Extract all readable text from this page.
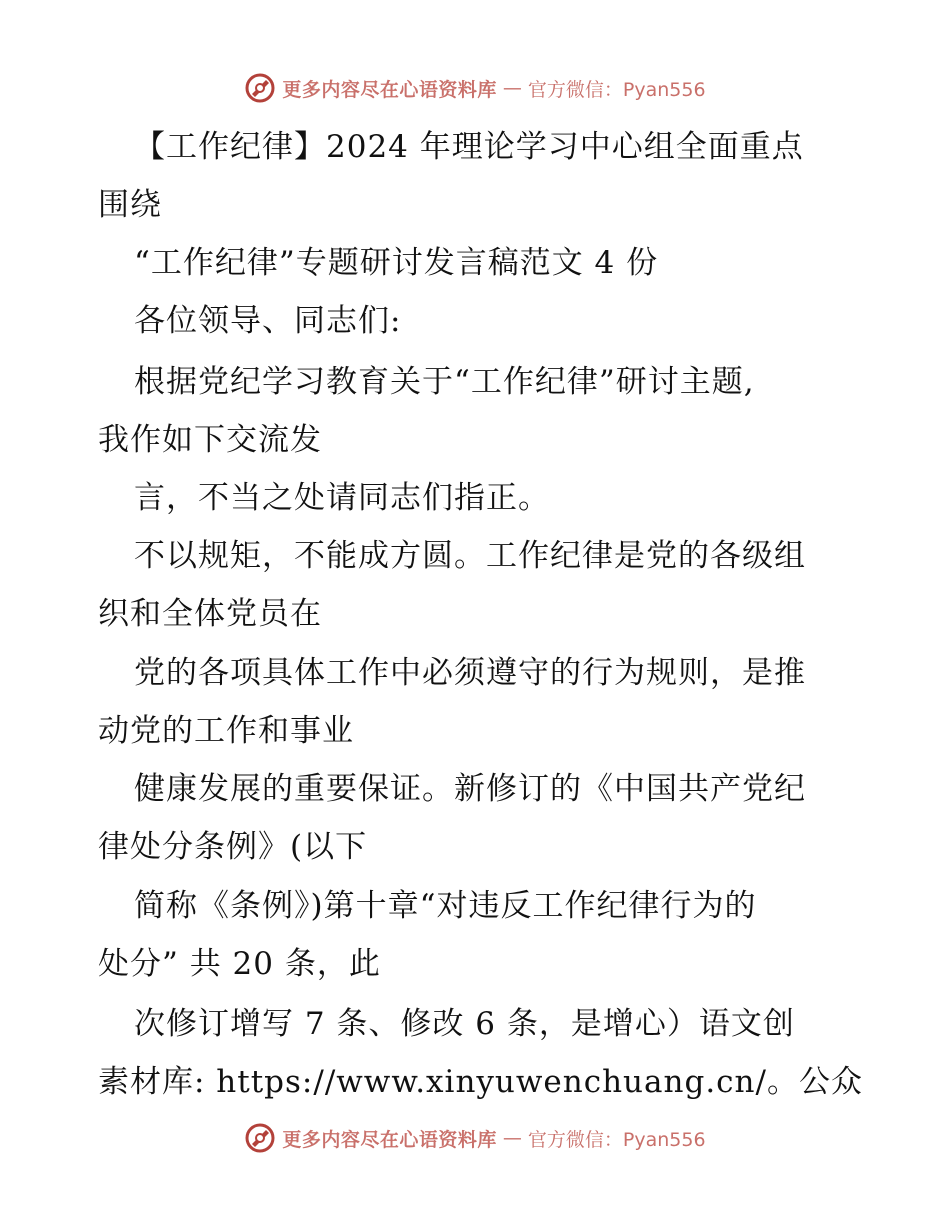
更多内容尽在心语资料库 — 官方微信：Pyan556
【工作纪律】2024 年理论学习中心组全面重点
围绕
“工作纪律”专题研讨发言稿范文 4 份
各位领导、同志们:
根据党纪学习教育关于“工作纪律”研讨主题,
我作如下交流发
言，不当之处请同志们指正。
不以规矩，不能成方圆。工作纪律是党的各级组
织和全体党员在
党的各项具体工作中必须遵守的行为规则，是推
动党的工作和事业
健康发展的重要保证。新修订的《中国共产党纪
律处分条例》(以下
简称《条例》)第十章“对违反工作纪律行为的
处分” 共 20 条，此
次修订增写 7 条、修改 6 条，是增心）语文创
素材库: https://www.xinyuwenchuang.cn/。公众
更多内容尽在心语资料库 — 官方微信：Pyan556
